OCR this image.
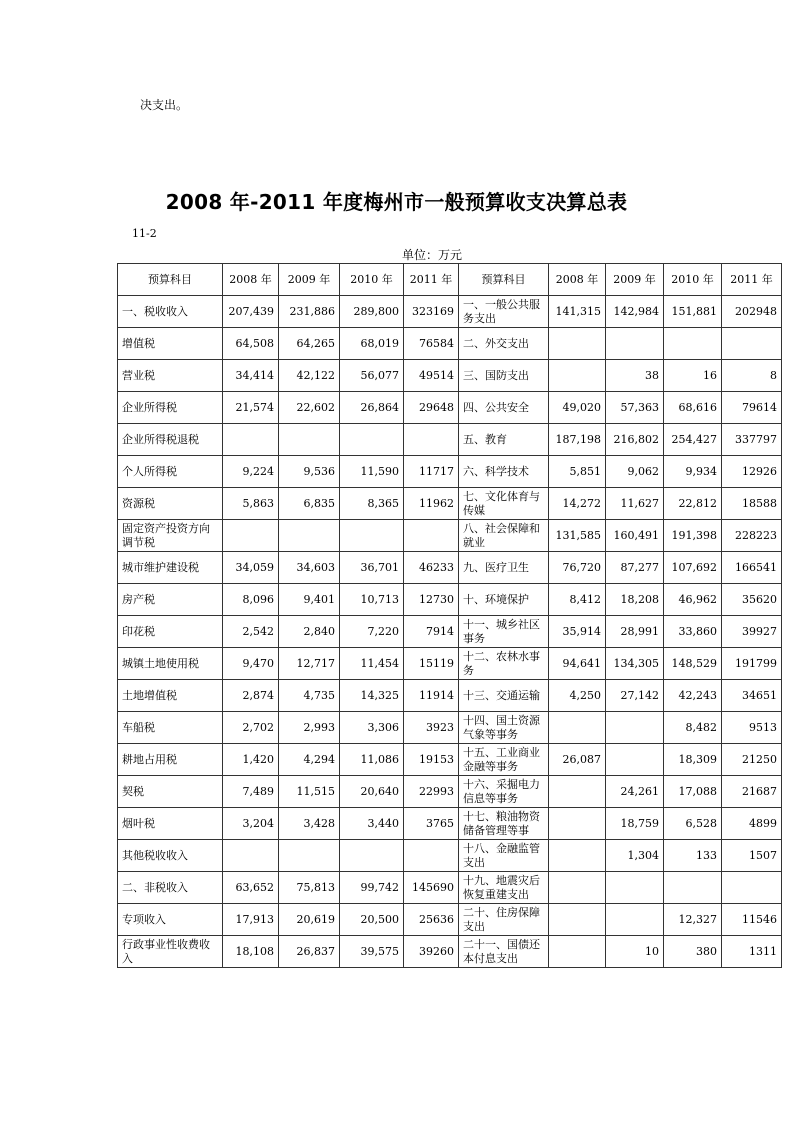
决支出。
2008 年-2011 年度梅州市一般预算收支决算总表
11-2
单位：万元
预算科目	2008 年	2009 年	2010 年	2011 年	预算科目	2008 年	2009 年	2010 年	2011 年
一、税收收入	207,439	231,886	289,800	323169	一、一般公共服务支出	141,315	142,984	151,881	202948
增值税	64,508	64,265	68,019	76584	二、外交支出				
营业税	34,414	42,122	56,077	49514	三、国防支出		38	16	8
企业所得税	21,574	22,602	26,864	29648	四、公共安全	49,020	57,363	68,616	79614
企业所得税退税					五、教育	187,198	216,802	254,427	337797
个人所得税	9,224	9,536	11,590	11717	六、科学技术	5,851	9,062	9,934	12926
资源税	5,863	6,835	8,365	11962	七、文化体育与传媒	14,272	11,627	22,812	18588
固定资产投资方向调节税					八、社会保障和就业	131,585	160,491	191,398	228223
城市维护建设税	34,059	34,603	36,701	46233	九、医疗卫生	76,720	87,277	107,692	166541
房产税	8,096	9,401	10,713	12730	十、环境保护	8,412	18,208	46,962	35620
印花税	2,542	2,840	7,220	7914	十一、城乡社区事务	35,914	28,991	33,860	39927
城镇土地使用税	9,470	12,717	11,454	15119	十二、农林水事务	94,641	134,305	148,529	191799
土地增值税	2,874	4,735	14,325	11914	十三、交通运输	4,250	27,142	42,243	34651
车船税	2,702	2,993	3,306	3923	十四、国土资源气象等事务			8,482	9513
耕地占用税	1,420	4,294	11,086	19153	十五、工业商业金融等事务	26,087		18,309	21250
契税	7,489	11,515	20,640	22993	十六、采掘电力信息等事务		24,261	17,088	21687
烟叶税	3,204	3,428	3,440	3765	十七、粮油物资储备管理等事		18,759	6,528	4899
其他税收收入					十八、金融监管支出		1,304	133	1507
二、非税收入	63,652	75,813	99,742	145690	十九、地震灾后恢复重建支出				
专项收入	17,913	20,619	20,500	25636	二十、住房保障支出			12,327	11546
行政事业性收费收入	18,108	26,837	39,575	39260	二十一、国债还本付息支出		10	380	1311
